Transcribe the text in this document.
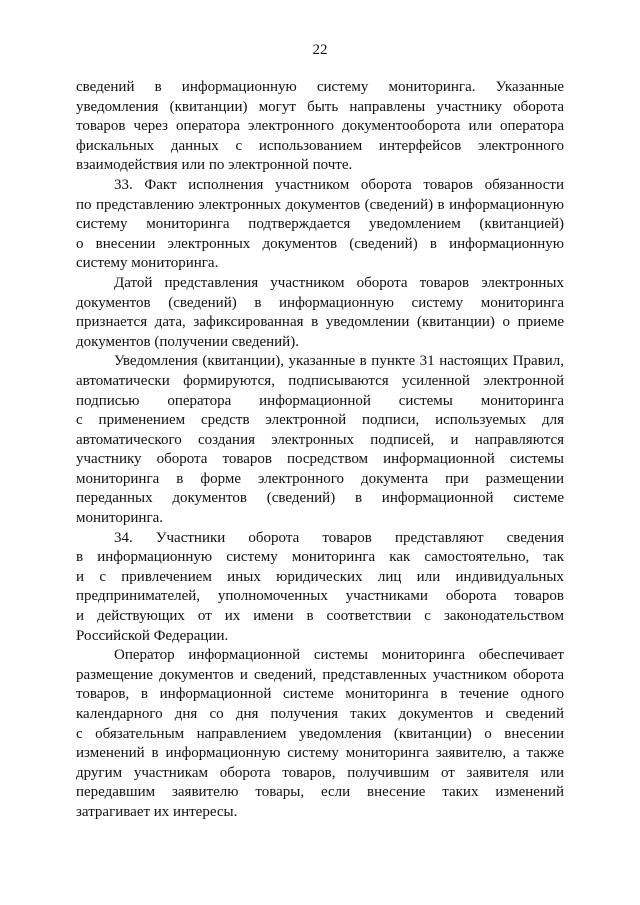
22
сведений в информационную систему мониторинга. Указанные
уведомления (квитанции) могут быть направлены участнику оборота
товаров через оператора электронного документооборота или оператора
фискальных данных с использованием интерфейсов электронного
взаимодействия или по электронной почте.
33. Факт исполнения участником оборота товаров обязанности
по представлению электронных документов (сведений) в информационную
систему мониторинга подтверждается уведомлением (квитанцией)
о внесении электронных документов (сведений) в информационную
систему мониторинга.
Датой представления участником оборота товаров электронных
документов (сведений) в информационную систему мониторинга
признается дата, зафиксированная в уведомлении (квитанции) о приеме
документов (получении сведений).
Уведомления (квитанции), указанные в пункте 31 настоящих Правил,
автоматически формируются, подписываются усиленной электронной
подписью оператора информационной системы мониторинга
с применением средств электронной подписи, используемых для
автоматического создания электронных подписей, и направляются
участнику оборота товаров посредством информационной системы
мониторинга в форме электронного документа при размещении
переданных документов (сведений) в информационной системе
мониторинга.
34. Участники оборота товаров представляют сведения
в информационную систему мониторинга как самостоятельно, так
и с привлечением иных юридических лиц или индивидуальных
предпринимателей, уполномоченных участниками оборота товаров
и действующих от их имени в соответствии с законодательством
Российской Федерации.
Оператор информационной системы мониторинга обеспечивает
размещение документов и сведений, представленных участником оборота
товаров, в информационной системе мониторинга в течение одного
календарного дня со дня получения таких документов и сведений
с обязательным направлением уведомления (квитанции) о внесении
изменений в информационную систему мониторинга заявителю, а также
другим участникам оборота товаров, получившим от заявителя или
передавшим заявителю товары, если внесение таких изменений
затрагивает их интересы.
